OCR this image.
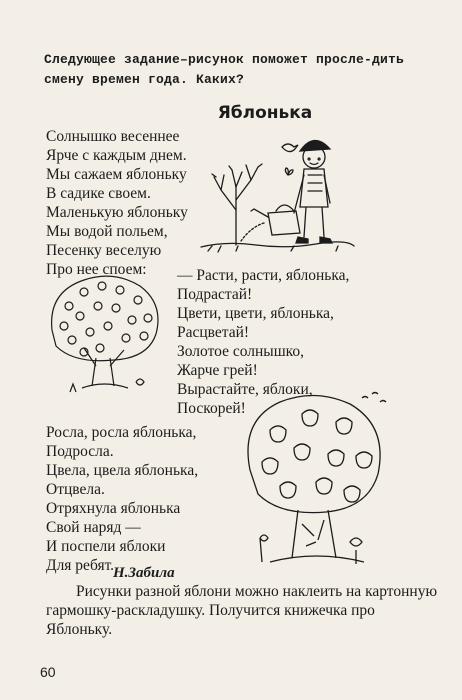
Следующее задание–рисунок поможет просле-дить смену времен года. Каких?
Яблонька
Солнышко весеннее
Ярче с каждым днем.
Мы сажаем яблоньку
В садике своем.
Маленькую яблоньку
Мы водой польем,
Песенку веселую
Про нее споем:	— Расти, расти, яблонька,
Подрастай!
Цвети, цвети, яблонька,
Расцветай!
Золотое солнышко,
Жарче грей!
Вырастайте, яблоки,
Поскорей!
Росла, росла яблонька,
Подросла.
Цвела, цвела яблонька,
Отцвела.
Отряхнула яблонька
Свой наряд —
И поспели яблоки
Для ребят.
Н.Забила

Рисунки разной яблони можно наклеить на картонную гармошку-раскладушку. Получится книжечка про Яблоньку.

60
